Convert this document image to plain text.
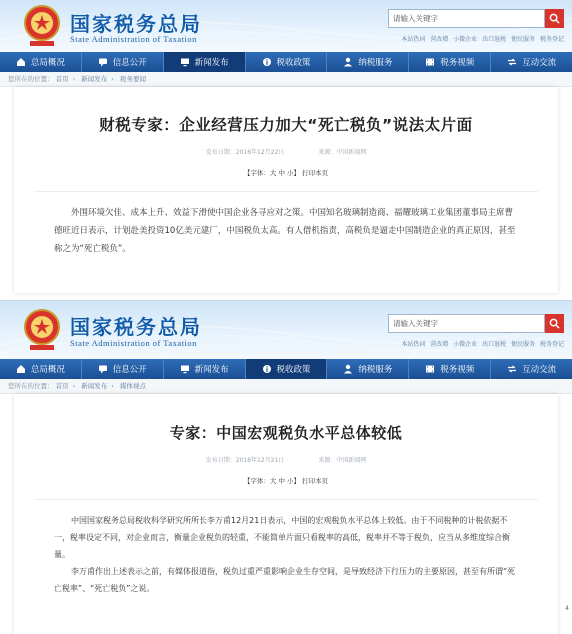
国家税务总局
State Administration of Taxation
请输入关键字
本站热词 营改增 小微企业 出口退税 便民服务 税务登记
总局概况	信息公开	新闻发布	税收政策	纳税服务	税务视频	互动交流
您所在的位置： 首页 › 新闻发布 › 税务要闻
财税专家：企业经营压力加大“死亡税负”说法太片面
发布日期：2016年12月22日	来源：中国新闻网
【字体：大 中 小】 打印本页

外围环境欠佳、成本上升、效益下滑使中国企业各寻应对之策。中国知名玻璃制造商、福耀玻璃工业集团董事局主席曹德旺近日表示，计划赴美投资10亿美元建厂，中国税负太高。有人借机指责，高税负是逼走中国制造企业的真正原因，甚至称之为“死亡税负”。

国家税务总局
State Administration of Taxation
请输入关键字
本站热词 营改增 小微企业 出口退税 便民服务 税务登记
总局概况	信息公开	新闻发布	税收政策	纳税服务	税务视频	互动交流
您所在的位置： 首页 › 新闻发布 › 媒体视点
专家：中国宏观税负水平总体较低
发布日期：2016年12月21日	来源：中国新闻网
【字体：大 中 小】 打印本页

中国国家税务总局税收科学研究所所长李万甫12月21日表示，中国的宏观税负水平总体上较低。由于不同税种的计税依据不一，税率设定不同，对企业而言，衡量企业税负的轻重，不能简单片面只看税率的高低，税率并不等于税负，应当从多维度综合衡量。

李万甫作出上述表示之前，有媒体报道指，税负过重严重影响企业生存空间，是导致经济下行压力的主要原因，甚至有所谓“死亡税率”、“死亡税负”之说。

4
